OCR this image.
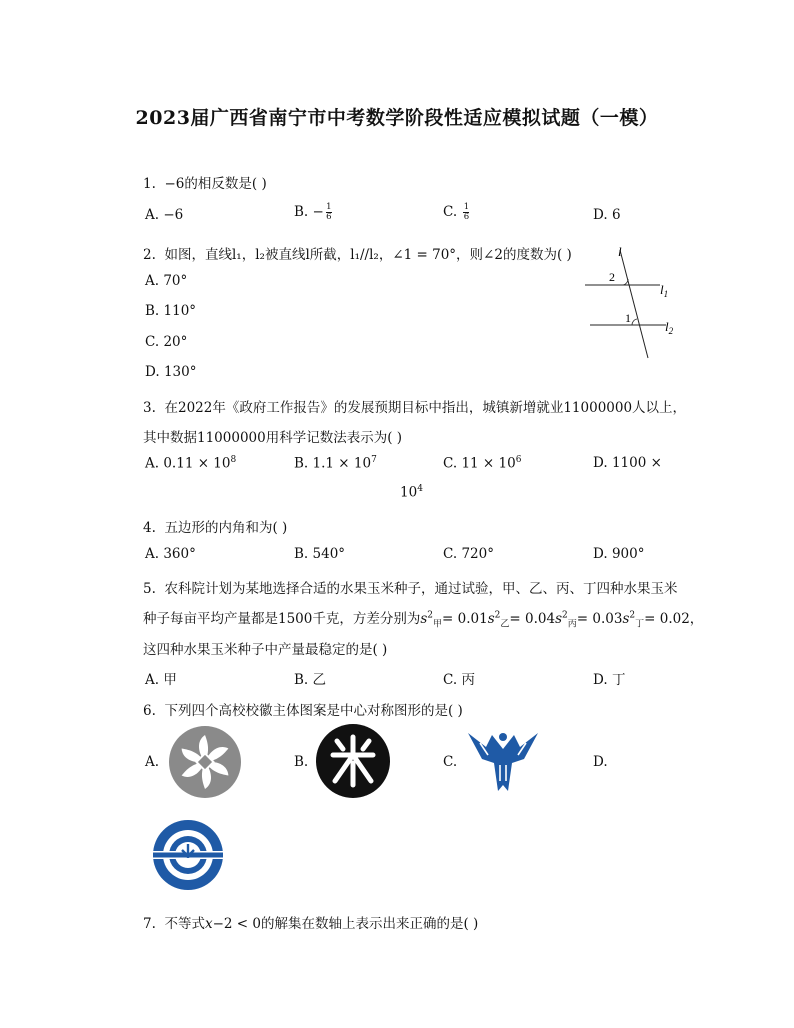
2023届广西省南宁市中考数学阶段性适应模拟试题（一模）
1. −6的相反数是( )
A. −6	B. − $\frac{1}{6}$	C. $\frac{1}{6}$	D. 6
2. 如图，直线l₁，l₂被直线l所截，l₁//l₂，∠1 = 70°，则∠2的度数为( )
A. 70°
B. 110°
C. 20°
D. 130°
l
2
1
$l_1$
$l_2$
3. 在2022年《政府工作报告》的发展预期目标中指出，城镇新增就业11000000人以上，
其中数据11000000用科学记数法表示为( )
A. $0.11 \times 10^8$	B. $1.1 \times 10^7$	C. $11 \times 10^6$	D. 1100 ×
$10^4$
4. 五边形的内角和为( )
A. 360°	B. 540°	C. 720°	D. 900°
5. 农科院计划为某地选择合适的水果玉米种子，通过试验，甲、乙、丙、丁四种水果玉米
种子每亩平均产量都是1500千克，方差分别为$s^2_甲= 0.01s^2_乙= 0.04s^2_丙= 0.03s^2_丁= 0.02$，
这四种水果玉米种子中产量最稳定的是( )
A. 甲	B. 乙	C. 丙	D. 丁
6. 下列四个高校校徽主体图案是中心对称图形的是( )
A.	B.	C.	D.
7. 不等式x−2 < 0的解集在数轴上表示出来正确的是( )
